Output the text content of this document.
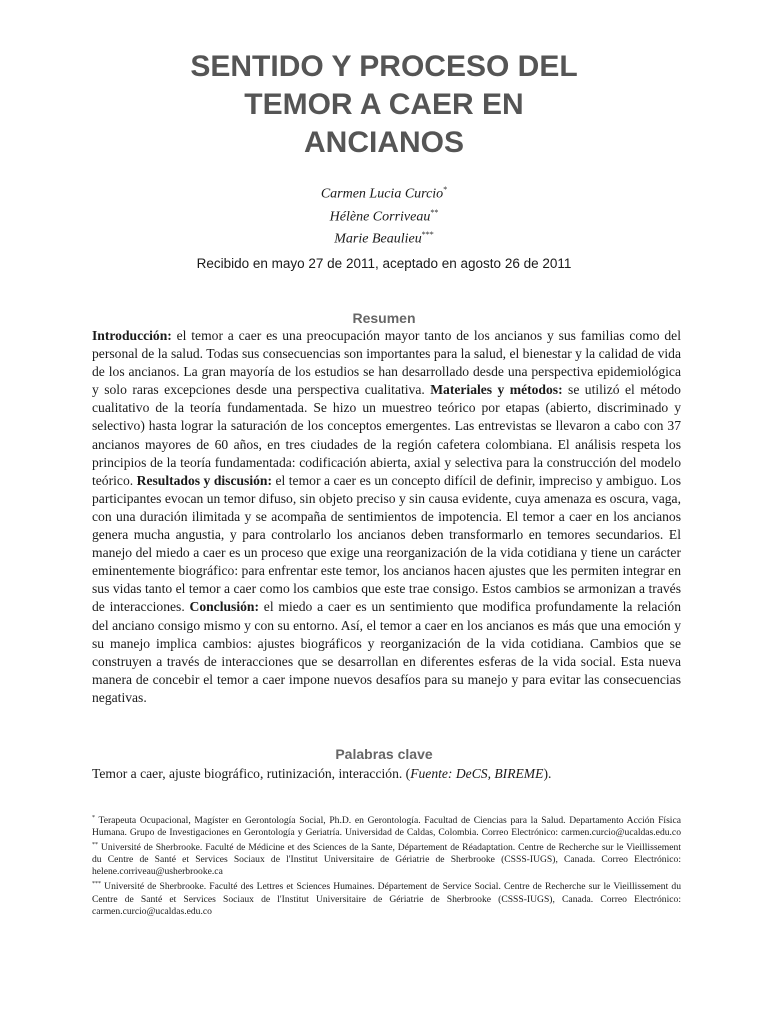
SENTIDO Y PROCESO DEL
TEMOR A CAER EN
ANCIANOS
Carmen Lucia Curcio*
Hélène Corriveau**
Marie Beaulieu***
Recibido en mayo 27 de 2011, aceptado en agosto 26 de 2011
Resumen

Introducción: el temor a caer es una preocupación mayor tanto de los ancianos y sus familias como del personal de la salud. Todas sus consecuencias son importantes para la salud, el bienestar y la calidad de vida de los ancianos. La gran mayoría de los estudios se han desarrollado desde una perspectiva epidemiológica y solo raras excepciones desde una perspectiva cualitativa. Materiales y métodos: se utilizó el método cualitativo de la teoría fundamentada. Se hizo un muestreo teórico por etapas (abierto, discriminado y selectivo) hasta lograr la saturación de los conceptos emergentes. Las entrevistas se llevaron a cabo con 37 ancianos mayores de 60 años, en tres ciudades de la región cafetera colombiana. El análisis respeta los principios de la teoría fundamentada: codificación abierta, axial y selectiva para la construcción del modelo teórico. Resultados y discusión: el temor a caer es un concepto difícil de definir, impreciso y ambiguo. Los participantes evocan un temor difuso, sin objeto preciso y sin causa evidente, cuya amenaza es oscura, vaga, con una duración ilimitada y se acompaña de sentimientos de impotencia. El temor a caer en los ancianos genera mucha angustia, y para controlarlo los ancianos deben transformarlo en temores secundarios. El manejo del miedo a caer es un proceso que exige una reorganización de la vida cotidiana y tiene un carácter eminentemente biográfico: para enfrentar este temor, los ancianos hacen ajustes que les permiten integrar en sus vidas tanto el temor a caer como los cambios que este trae consigo. Estos cambios se armonizan a través de interacciones. Conclusión: el miedo a caer es un sentimiento que modifica profundamente la relación del anciano consigo mismo y con su entorno. Así, el temor a caer en los ancianos es más que una emoción y su manejo implica cambios: ajustes biográficos y reorganización de la vida cotidiana. Cambios que se construyen a través de interacciones que se desarrollan en diferentes esferas de la vida social. Esta nueva manera de concebir el temor a caer impone nuevos desafíos para su manejo y para evitar las consecuencias negativas.

Palabras clave

Temor a caer, ajuste biográfico, rutinización, interacción. (Fuente: DeCS, BIREME).

* Terapeuta Ocupacional, Magíster en Gerontología Social, Ph.D. en Gerontología. Facultad de Ciencias para la Salud. Departamento Acción Física Humana. Grupo de Investigaciones en Gerontología y Geriatría. Universidad de Caldas, Colombia. Correo Electrónico: carmen.curcio@ucaldas.edu.co ** Université de Sherbrooke. Faculté de Médicine et des Sciences de la Sante, Département de Réadaptation. Centre de Recherche sur le Vieillissement du Centre de Santé et Services Sociaux de l'Institut Universitaire de Gériatrie de Sherbrooke (CSSS-IUGS), Canada. Correo Electrónico: helene.corriveau@usherbrooke.ca
*** Université de Sherbrooke. Faculté des Lettres et Sciences Humaines. Département de Service Social. Centre de Recherche sur le Vieillissement du Centre de Santé et Services Sociaux de l'Institut Universitaire de Gériatrie de Sherbrooke (CSSS-IUGS), Canada. Correo Electrónico: carmen.curcio@ucaldas.edu.co
